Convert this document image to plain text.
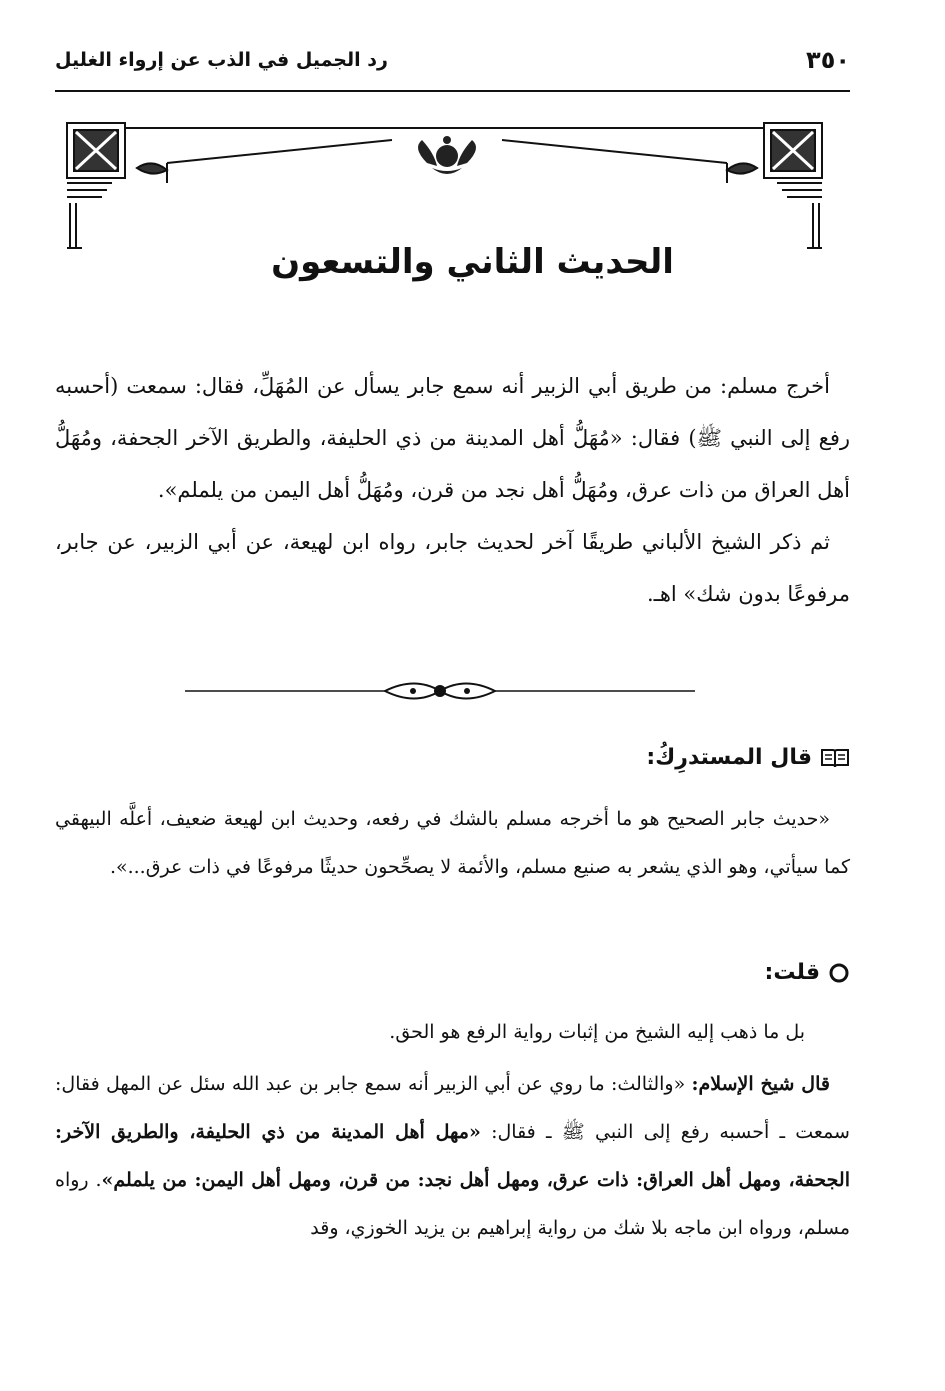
٣٥٠
رد الجميل في الذب عن إرواء الغليل
الحديث الثاني والتسعون

أخرج مسلم: من طريق أبي الزبير أنه سمع جابر يسأل عن المُهَلِّ، فقال: سمعت (أحسبه رفع إلى النبي ﷺ) فقال: «مُهَلُّ أهل المدينة من ذي الحليفة، والطريق الآخر الجحفة، ومُهَلُّ أهل العراق من ذات عرق، ومُهَلُّ أهل نجد من قرن، ومُهَلُّ أهل اليمن من يلملم».

ثم ذكر الشيخ الألباني طريقًا آخر لحديث جابر، رواه ابن لهيعة، عن أبي الزبير، عن جابر، مرفوعًا بدون شك» اهـ.

قال المستدرِكُ:

«حديث جابر الصحيح هو ما أخرجه مسلم بالشك في رفعه، وحديث ابن لهيعة ضعيف، أعلَّه البيهقي كما سيأتي، وهو الذي يشعر به صنيع مسلم، والأئمة لا يصحِّحون حديثًا مرفوعًا في ذات عرق...».

قلت:

بل ما ذهب إليه الشيخ من إثبات رواية الرفع هو الحق.

قال شيخ الإسلام: «والثالث: ما روي عن أبي الزبير أنه سمع جابر بن عبد الله سئل عن المهل فقال: سمعت ـ أحسبه رفع إلى النبي ﷺ ـ فقال: «مهل أهل المدينة من ذي الحليفة، والطريق الآخر: الجحفة، ومهل أهل العراق: ذات عرق، ومهل أهل نجد: من قرن، ومهل أهل اليمن: من يلملم». رواه مسلم، ورواه ابن ماجه بلا شك من رواية إبراهيم بن يزيد الخوزي، وقد
